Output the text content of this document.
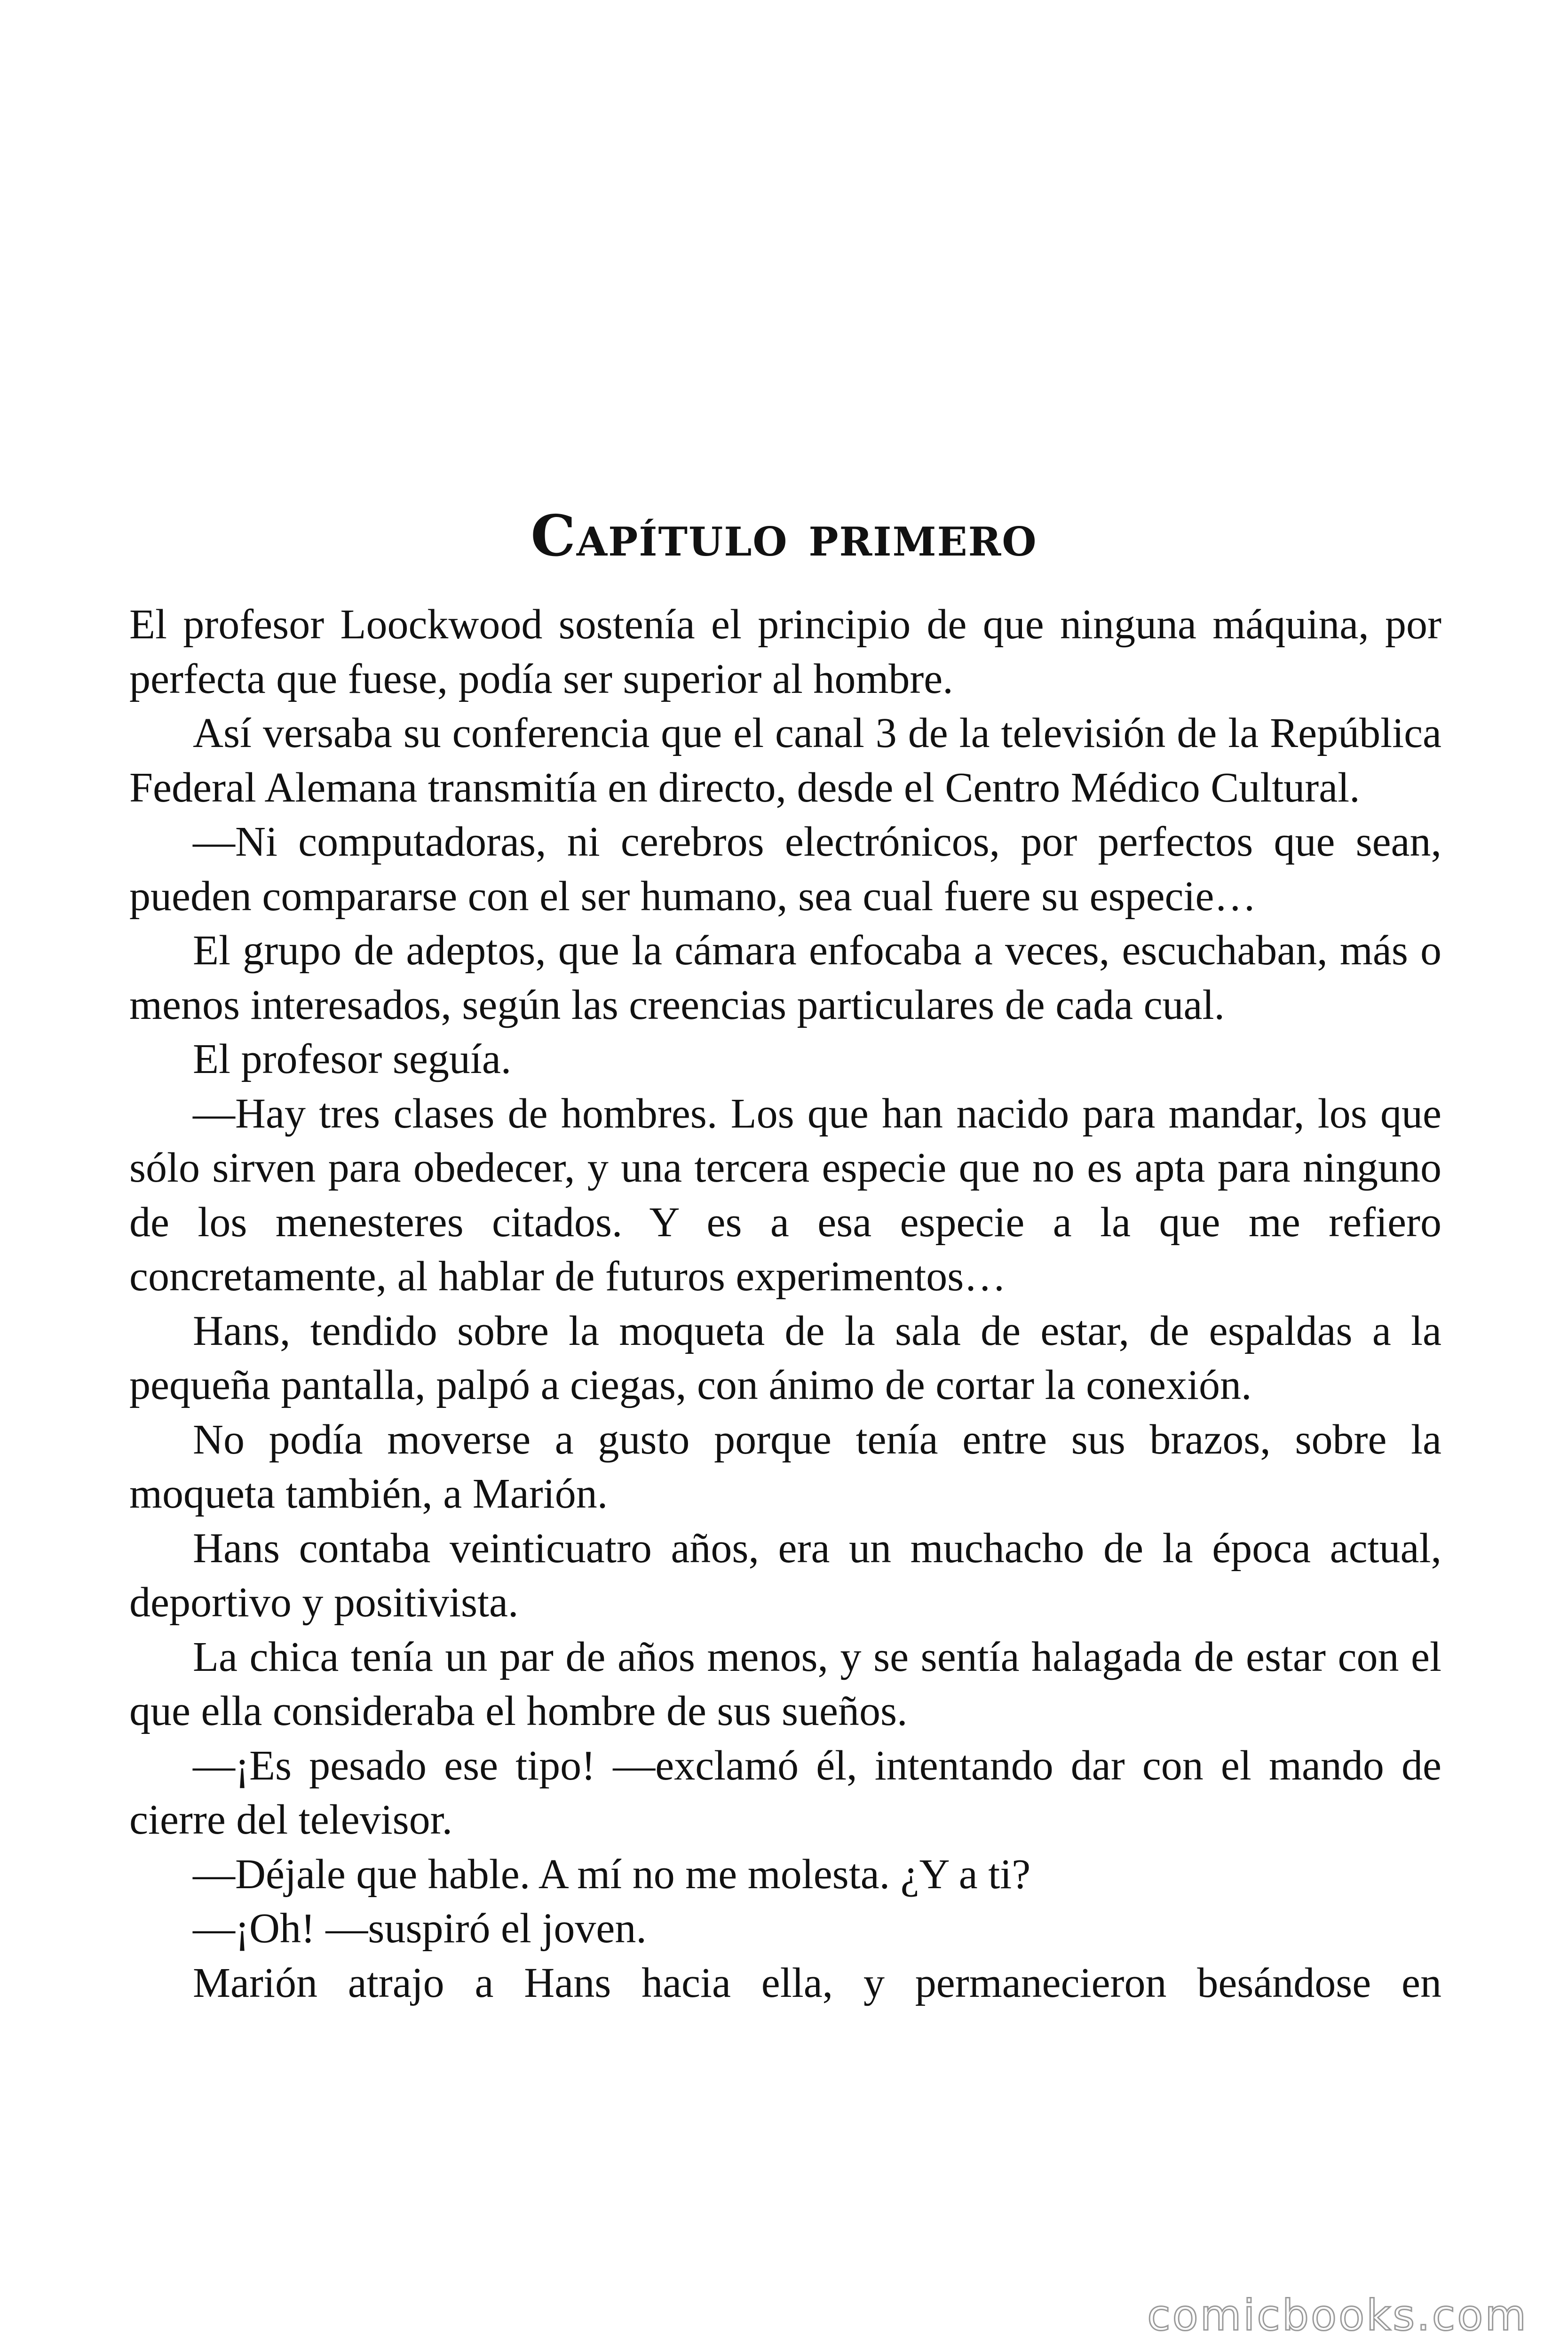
Capítulo primero

El profesor Loockwood sostenía el principio de que ninguna máquina, por perfecta que fuese, podía ser superior al hombre.

Así versaba su conferencia que el canal 3 de la televisión de la República Federal Alemana transmitía en directo, desde el Centro Médico Cultural.

—Ni computadoras, ni cerebros electrónicos, por perfectos que sean, pueden compararse con el ser humano, sea cual fuere su especie…

El grupo de adeptos, que la cámara enfocaba a veces, escuchaban, más o menos interesados, según las creencias particulares de cada cual.

El profesor seguía.

—Hay tres clases de hombres. Los que han nacido para mandar, los que sólo sirven para obedecer, y una tercera especie que no es apta para ninguno de los menesteres citados. Y es a esa especie a la que me refiero concretamente, al hablar de futuros experimentos…

Hans, tendido sobre la moqueta de la sala de estar, de espaldas a la pequeña pantalla, palpó a ciegas, con ánimo de cortar la conexión.

No podía moverse a gusto porque tenía entre sus brazos, sobre la moqueta también, a Marión.

Hans contaba veinticuatro años, era un muchacho de la época actual, deportivo y positivista.

La chica tenía un par de años menos, y se sentía halagada de estar con el que ella consideraba el hombre de sus sueños.

—¡Es pesado ese tipo! —exclamó él, intentando dar con el mando de cierre del televisor.

—Déjale que hable. A mí no me molesta. ¿Y a ti?

—¡Oh! —suspiró el joven.

Marión atrajo a Hans hacia ella, y permanecieron besándose en

comicbooks.com
